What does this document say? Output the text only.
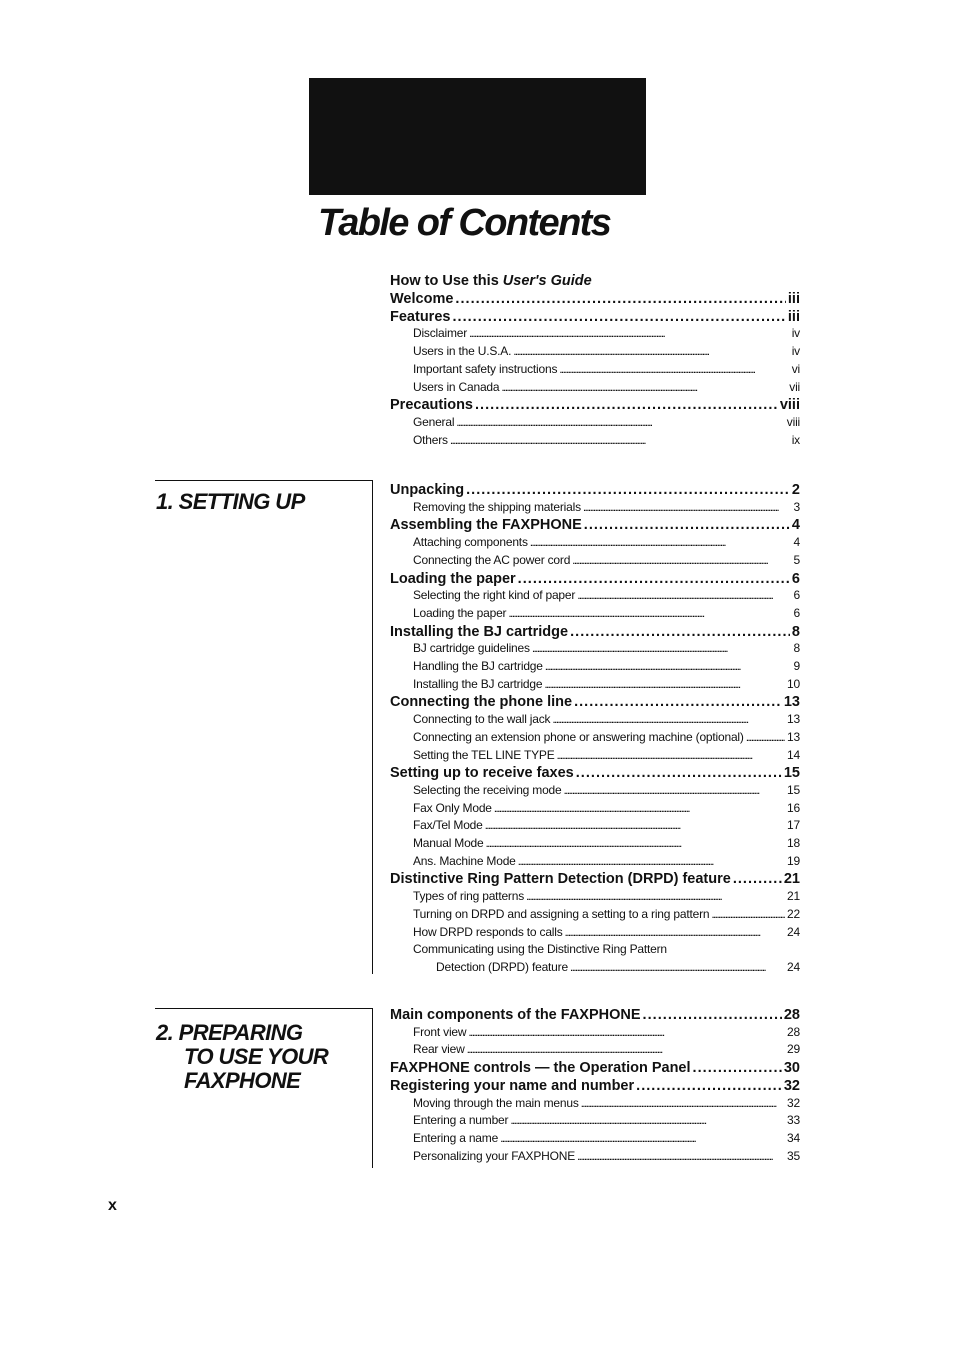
Table of Contents
How to Use this User's Guide
Welcome . . .	iii
Features . . .	iii
Disclaimer . . .	iv
Users in the U.S.A. . . .	iv
Important safety instructions . . .	vi
Users in Canada . . .	vii
Precautions . . .	viii
General . . .	viii
Others . . .	ix
1. SETTING UP	Unpacking . . .	2
Removing the shipping materials . . .	3
Assembling the FAXPHONE . . .	4
Attaching components . . .	4
Connecting the AC power cord . . .	5
Loading the paper . . .	6
Selecting the right kind of paper . . .	6
Loading the paper . . .	6
Installing the BJ cartridge . . .	8
BJ cartridge guidelines . . .	8
Handling the BJ cartridge . . .	9
Installing the BJ cartridge . . .	10
Connecting the phone line . . .	13
Connecting to the wall jack . . .	13
Connecting an extension phone or answering machine (optional) . . .	13
Setting the TEL LINE TYPE . . .	14
Setting up to receive faxes . . .	15
Selecting the receiving mode . . .	15
Fax Only Mode . . .	16
Fax/Tel Mode . . .	17
Manual Mode . . .	18
Ans. Machine Mode . . .	19
Distinctive Ring Pattern Detection (DRPD) feature . . .	21
Types of ring patterns . . .	21
Turning on DRPD and assigning a setting to a ring pattern . . .	22
How DRPD responds to calls . . .	24
Communicating using the Distinctive Ring Pattern
Detection (DRPD) feature . . .	24
2. PREPARING
TO USE YOUR
FAXPHONE
Main components of the FAXPHONE . . .	28
Front view . . .	28
Rear view . . .	29
FAXPHONE controls — the Operation Panel . . .	30
Registering your name and number . . .	32
Moving through the main menus . . .	32
Entering a number . . .	33
Entering a name . . .	34
Personalizing your FAXPHONE . . .	35
x
